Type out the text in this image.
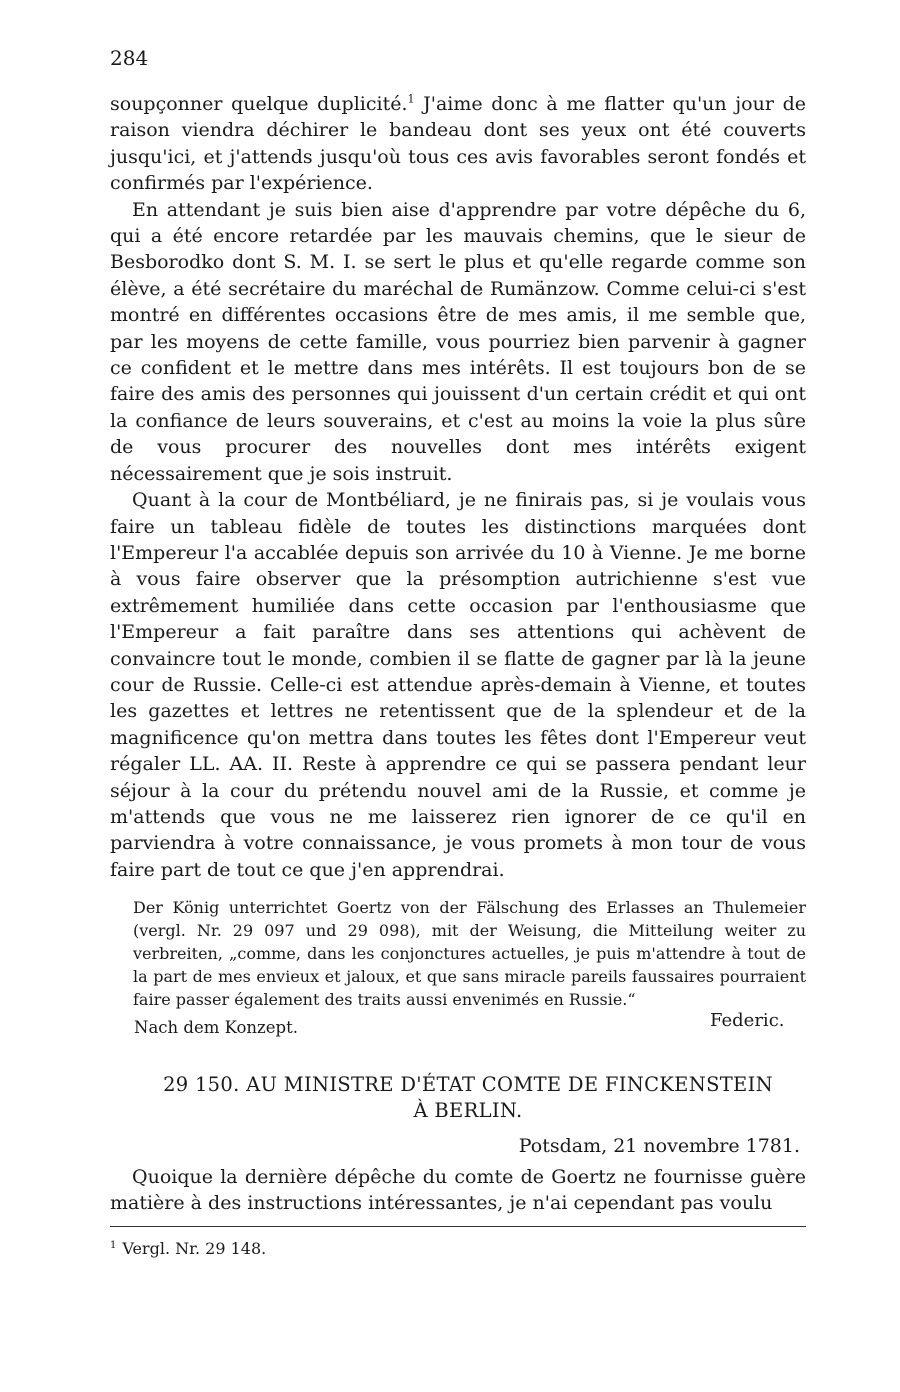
284

soupçonner quelque duplicité.$^1$ J'aime donc à me flatter qu'un jour de raison viendra déchirer le bandeau dont ses yeux ont été couverts jusqu'ici, et j'attends jusqu'où tous ces avis favorables seront fondés et confirmés par l'expérience.

En attendant je suis bien aise d'apprendre par votre dépêche du 6, qui a été encore retardée par les mauvais chemins, que le sieur de Besborodko dont S. M. I. se sert le plus et qu'elle regarde comme son élève, a été secrétaire du maréchal de Rumänzow. Comme celui-ci s'est montré en différentes occasions être de mes amis, il me semble que, par les moyens de cette famille, vous pourriez bien parvenir à gagner ce confident et le mettre dans mes intérêts. Il est toujours bon de se faire des amis des personnes qui jouissent d'un certain crédit et qui ont la confiance de leurs souverains, et c'est au moins la voie la plus sûre de vous procurer des nouvelles dont mes intérêts exigent nécessairement que je sois instruit.

Quant à la cour de Montbéliard, je ne finirais pas, si je voulais vous faire un tableau fidèle de toutes les distinctions marquées dont l'Empereur l'a accablée depuis son arrivée du 10 à Vienne. Je me borne à vous faire observer que la présomption autrichienne s'est vue extrêmement humiliée dans cette occasion par l'enthousiasme que l'Empereur a fait paraître dans ses attentions qui achèvent de convaincre tout le monde, combien il se flatte de gagner par là la jeune cour de Russie. Celle-ci est attendue après-demain à Vienne, et toutes les gazettes et lettres ne retentissent que de la splendeur et de la magnificence qu'on mettra dans toutes les fêtes dont l'Empereur veut régaler LL. AA. II. Reste à apprendre ce qui se passera pendant leur séjour à la cour du prétendu nouvel ami de la Russie, et comme je m'attends que vous ne me laisserez rien ignorer de ce qu'il en parviendra à votre connaissance, je vous promets à mon tour de vous faire part de tout ce que j'en apprendrai.

Der König unterrichtet Goertz von der Fälschung des Erlasses an Thulemeier (vergl. Nr. 29 097 und 29 098), mit der Weisung, die Mitteilung weiter zu verbreiten, „comme, dans les conjonctures actuelles, je puis m'attendre à tout de la part de mes envieux et jaloux, et que sans miracle pareils faussaires pourraient faire passer également des traits aussi envenimés en Russie.“
Nach dem Konzept.	Federic.
29 150. AU MINISTRE D'ÉTAT COMTE DE FINCKENSTEIN
À BERLIN.
Potsdam, 21 novembre 1781.

Quoique la dernière dépêche du comte de Goertz ne fournisse guère matière à des instructions intéressantes, je n'ai cependant pas voulu

$^1$ Vergl. Nr. 29 148.
